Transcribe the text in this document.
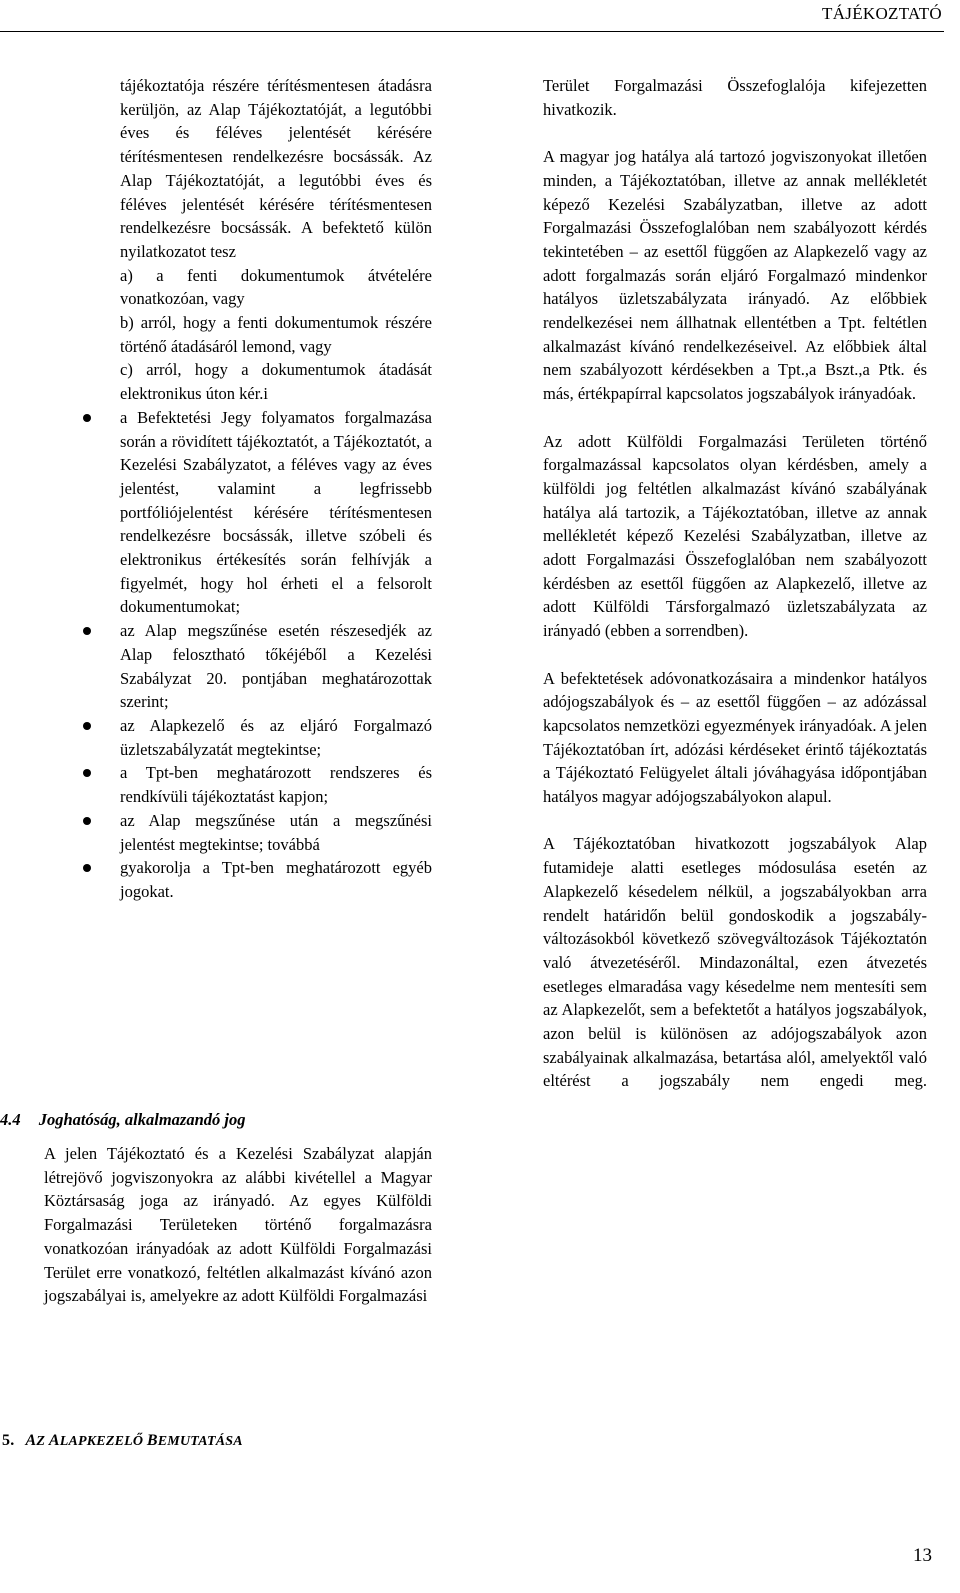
TÁJÉKOZTATÓ

tájékoztatója részére térítésmentesen átadásra kerüljön, az Alap Tájékoztatóját, a legutóbbi éves és féléves jelentését kérésére térítésmentesen rendelkezésre bocsássák. Az Alap Tájékoztatóját, a legutóbbi éves és féléves jelentését kérésére térítésmentesen rendelkezésre bocsássák. A befektető külön nyilatkozatot tesz

a) a fenti dokumentumok átvételére vonatkozóan, vagy

b) arról, hogy a fenti dokumentumok részére történő átadásáról lemond, vagy

c) arról, hogy a dokumentumok átadását elektronikus úton kér.i

a Befektetési Jegy folyamatos forgalmazása során a rövidített tájékoztatót, a Tájékoztatót, a Kezelési Szabályzatot, a féléves vagy az éves jelentést, valamint a legfrissebb portfóliójelentést kérésére térítésmentesen rendelkezésre bocsássák, illetve szóbeli és elektronikus értékesítés során felhívják a figyelmét, hogy hol érheti el a felsorolt dokumentumokat;

az Alap megszűnése esetén részesedjék az Alap felosztható tőkéjéből a Kezelési Szabályzat 20. pontjában meghatározottak szerint;

az Alapkezelő és az eljáró Forgalmazó üzletszabályzatát megtekintse;

a Tpt-ben meghatározott rendszeres és rendkívüli tájékoztatást kapjon;

az Alap megszűnése után a megszűnési jelentést megtekintse; továbbá

gyakorolja a Tpt-ben meghatározott egyéb jogokat.

4.4 Joghatóság, alkalmazandó jog
A jelen Tájékoztató és a Kezelési Szabályzat alapján létrejövő jogviszonyokra az alábbi kivétellel a Magyar Köztársaság joga az irányadó. Az egyes Külföldi Forgalmazási Területeken történő forgalmazásra vonatkozóan irányadóak az adott Külföldi Forgalmazási Terület erre vonatkozó, feltétlen alkalmazást kívánó azon jogszabályai is, amelyekre az adott Külföldi Forgalmazási

Terület Forgalmazási Összefoglalója kifejezetten hivatkozik.

A magyar jog hatálya alá tartozó jogviszonyokat illetően minden, a Tájékoztatóban, illetve az annak mellékletét képező Kezelési Szabályzatban, illetve az adott Forgalmazási Összefoglalóban nem szabályozott kérdés tekintetében – az esettől függően az Alapkezelő vagy az adott forgalmazás során eljáró Forgalmazó mindenkor hatályos üzletszabályzata irányadó. Az előbbiek rendelkezései nem állhatnak ellentétben a Tpt. feltétlen alkalmazást kívánó rendelkezéseivel. Az előbbiek által nem szabályozott kérdésekben a Tpt.,a Bszt.,a Ptk. és más, értékpapírral kapcsolatos jogszabályok irányadóak.

Az adott Külföldi Forgalmazási Területen történő forgalmazással kapcsolatos olyan kérdésben, amely a külföldi jog feltétlen alkalmazást kívánó szabályának hatálya alá tartozik, a Tájékoztatóban, illetve az annak mellékletét képező Kezelési Szabályzatban, illetve az adott Forgalmazási Összefoglalóban nem szabályozott kérdésben az esettől függően az Alapkezelő, illetve az adott Külföldi Társforgalmazó üzletszabályzata az irányadó (ebben a sorrendben).

A befektetések adóvonatkozásaira a mindenkor hatályos adójogszabályok és – az esettől függően – az adózással kapcsolatos nemzetközi egyezmények irányadóak. A jelen Tájékoztatóban írt, adózási kérdéseket érintő tájékoztatás a Tájékoztató Felügyelet általi jóváhagyása időpontjában hatályos magyar adójogszabályokon alapul.

A Tájékoztatóban hivatkozott jogszabályok Alap futamideje alatti esetleges módosulása esetén az Alapkezelő késedelem nélkül, a jogszabályokban arra rendelt határidőn belül gondoskodik a jogszabály-változásokból következő szövegváltozások Tájékoztatón való átvezetéséről. Mindazonáltal, ezen átvezetés esetleges elmaradása vagy késedelme nem mentesíti sem az Alapkezelőt, sem a befektetőt a hatályos jogszabályok, azon belül is különösen az adójogszabályok azon szabályainak alkalmazása, betartása alól, amelyektől való eltérést a jogszabály nem engedi meg.

5. AZ ALAPKEZELŐ BEMUTATÁSA
13
